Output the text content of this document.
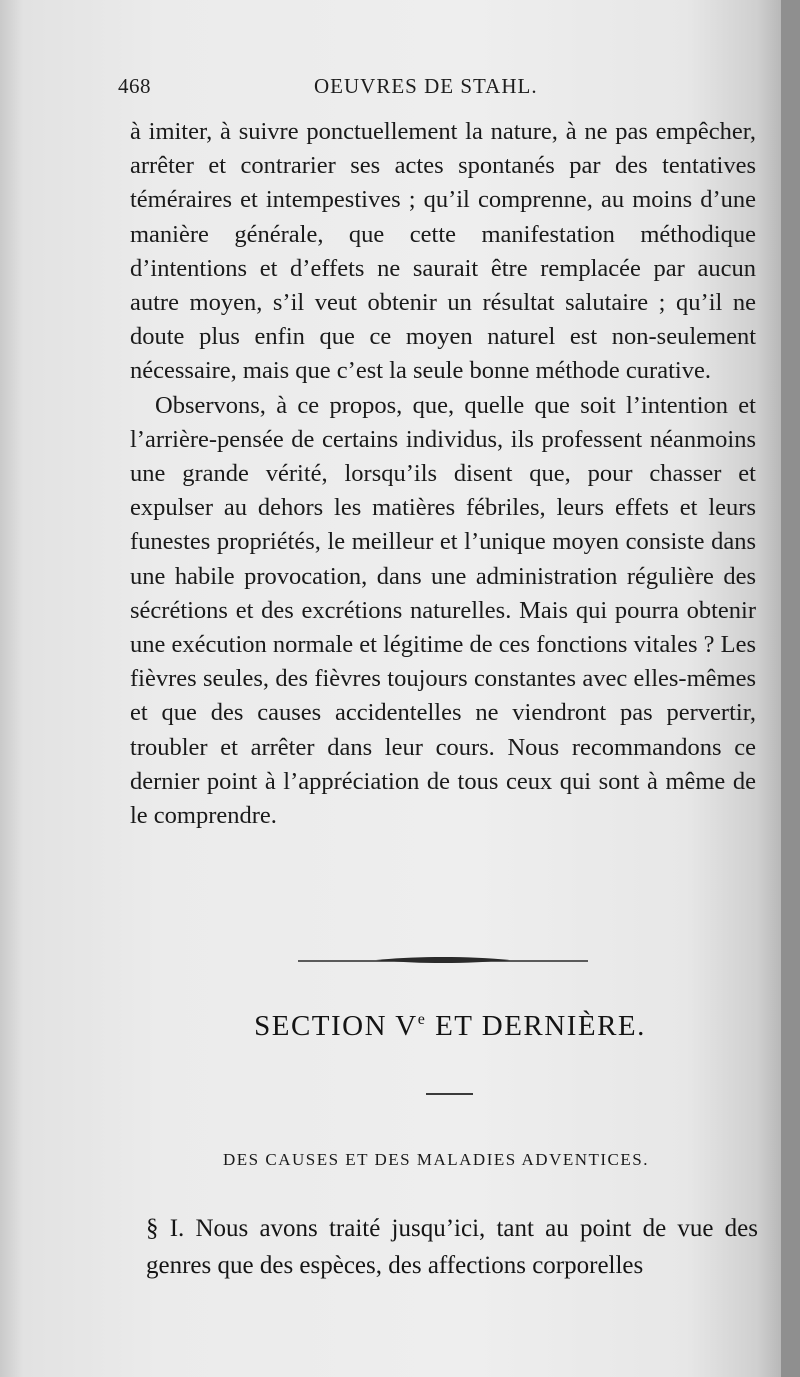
468	OEUVRES DE STAHL.

à imiter, à suivre ponctuellement la nature, à ne pas empêcher, arrêter et contrarier ses actes spontanés par des tentatives téméraires et intempestives ; qu’il comprenne, au moins d’une manière générale, que cette manifestation méthodique d’intentions et d’effets ne saurait être remplacée par aucun autre moyen, s’il veut obtenir un résultat salutaire ; qu’il ne doute plus enfin que ce moyen naturel est non-seulement nécessaire, mais que c’est la seule bonne méthode curative.

Observons, à ce propos, que, quelle que soit l’intention et l’arrière-pensée de certains individus, ils professent néanmoins une grande vérité, lorsqu’ils disent que, pour chasser et expulser au dehors les matières fébriles, leurs effets et leurs funestes propriétés, le meilleur et l’unique moyen consiste dans une habile provocation, dans une administration régulière des sécrétions et des excrétions naturelles. Mais qui pourra obtenir une exécution normale et légitime de ces fonctions vitales ? Les fièvres seules, des fièvres toujours constantes avec elles-mêmes et que des causes accidentelles ne viendront pas pervertir, troubler et arrêter dans leur cours. Nous recommandons ce dernier point à l’appréciation de tous ceux qui sont à même de le comprendre.

SECTION Ve ET DERNIÈRE.
DES CAUSES ET DES MALADIES ADVENTICES.
§ I. Nous avons traité jusqu’ici, tant au point de vue des genres que des espèces, des affections corporelles
